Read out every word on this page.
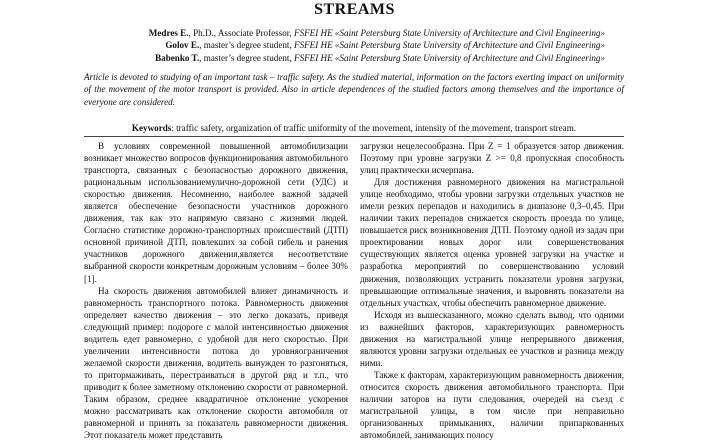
STREAMS
Medres E., Ph.D., Associate Professor, FSFEI HE «Saint Petersburg State University of Architecture and Civil Engineering»
Golov E., master’s degree student, FSFEI HE «Saint Petersburg State University of Architecture and Civil Engineering»
Babenko T., master’s degree student, FSFEI HE «Saint Petersburg State University of Architecture and Civil Engineering»
Article is devoted to studying of an important task – traffic safety. As the studied material, information on the factors exerting impact on uniformity of the movement of the motor transport is provided. Also in article dependences of the studied factors among themselves and the importance of everyone are considered.
Keywords: traffic safety, organization of traffic uniformity of the movement, intensity of the movement, transport stream.

В условиях современной повышенной автомобилизации возникает множество вопросов функционирования автомобильного транспорта, связанных с безопасностью дорожного движения, рациональным использованиемулично-дорожной сети (УДС) и скоростью движения. Несомненно, наиболее важной задачей является обеспечение безопасности участников дорожного движения, так как это напрямую связано с жизнями людей. Согласно статистике дорожно-транспортных происшествий (ДТП) основной причиной ДТП, повлекших за собой гибель и ранения участников дорожного движения,является несоответствие выбранной скорости конкретным дорожным условиям – более 30% [1].

На скорость движения автомобилей влияет динамичность и равномерность транспортного потока. Равномерность движения определяет качество движения – это легко доказать, приведя следующий пример: подороге с малой интенсивностью движения водитель едет равномерно, с удобной для него скоростью. При увеличении интенсивности потока до уровняограничения желаемой скорости движения, водитель вынужден то разгоняться, то притормаживать, перестраиваться в другой ряд и т.п., что приводит к более заметному отклонению скорости от равномерной. Таким образом, среднее квадратичное отклонение ускорения можно рассматривать как отклонение скорости автомобиля от равномерной и принять за показатель равномерности движения. Этот показатель может представить

загрузки нецелесообразна. При Z = 1 образуется затор движения. Поэтому при уровне загрузки Z >= 0,8 пропускная способность улиц практически исчерпана.

Для достижения равномерного движения на магистральной улице необходимо, чтобы уровни загрузки отдельных участков не имели резких перепадов и находились в диапазоне 0,3–0,45. При наличии таких перепадов снижается скорость проезда по улице, повышается риск возникновения ДТП. Поэтому одной из задач при проектировании новых дорог или совершенствования существующих является оценка уровней загрузки на участке и разработка мероприятий по совершенствованию условий движения, позволяющих устранить показатели уровня загрузки, превышающие оптимальные значения, и выровнять показатели на отдельных участках, чтобы обеспечить равномерное движение.

Исходя из вышесказанного, можно сделать вывод, что одними из важнейших факторов, характеризующих равномерность движения на магистральной улице непрерывного движения, являются уровни загрузки отдельных ее участков и разница между ними.

Также к факторам, характеризующим равномерность движения, относится скорость движения автомобильного транспорта. При наличии заторов на пути следования, очередей на съезд с магистральной улицы, в том числе при неправильно организованных примыканиях, наличии припаркованных автомобилей, занимающих полосу
